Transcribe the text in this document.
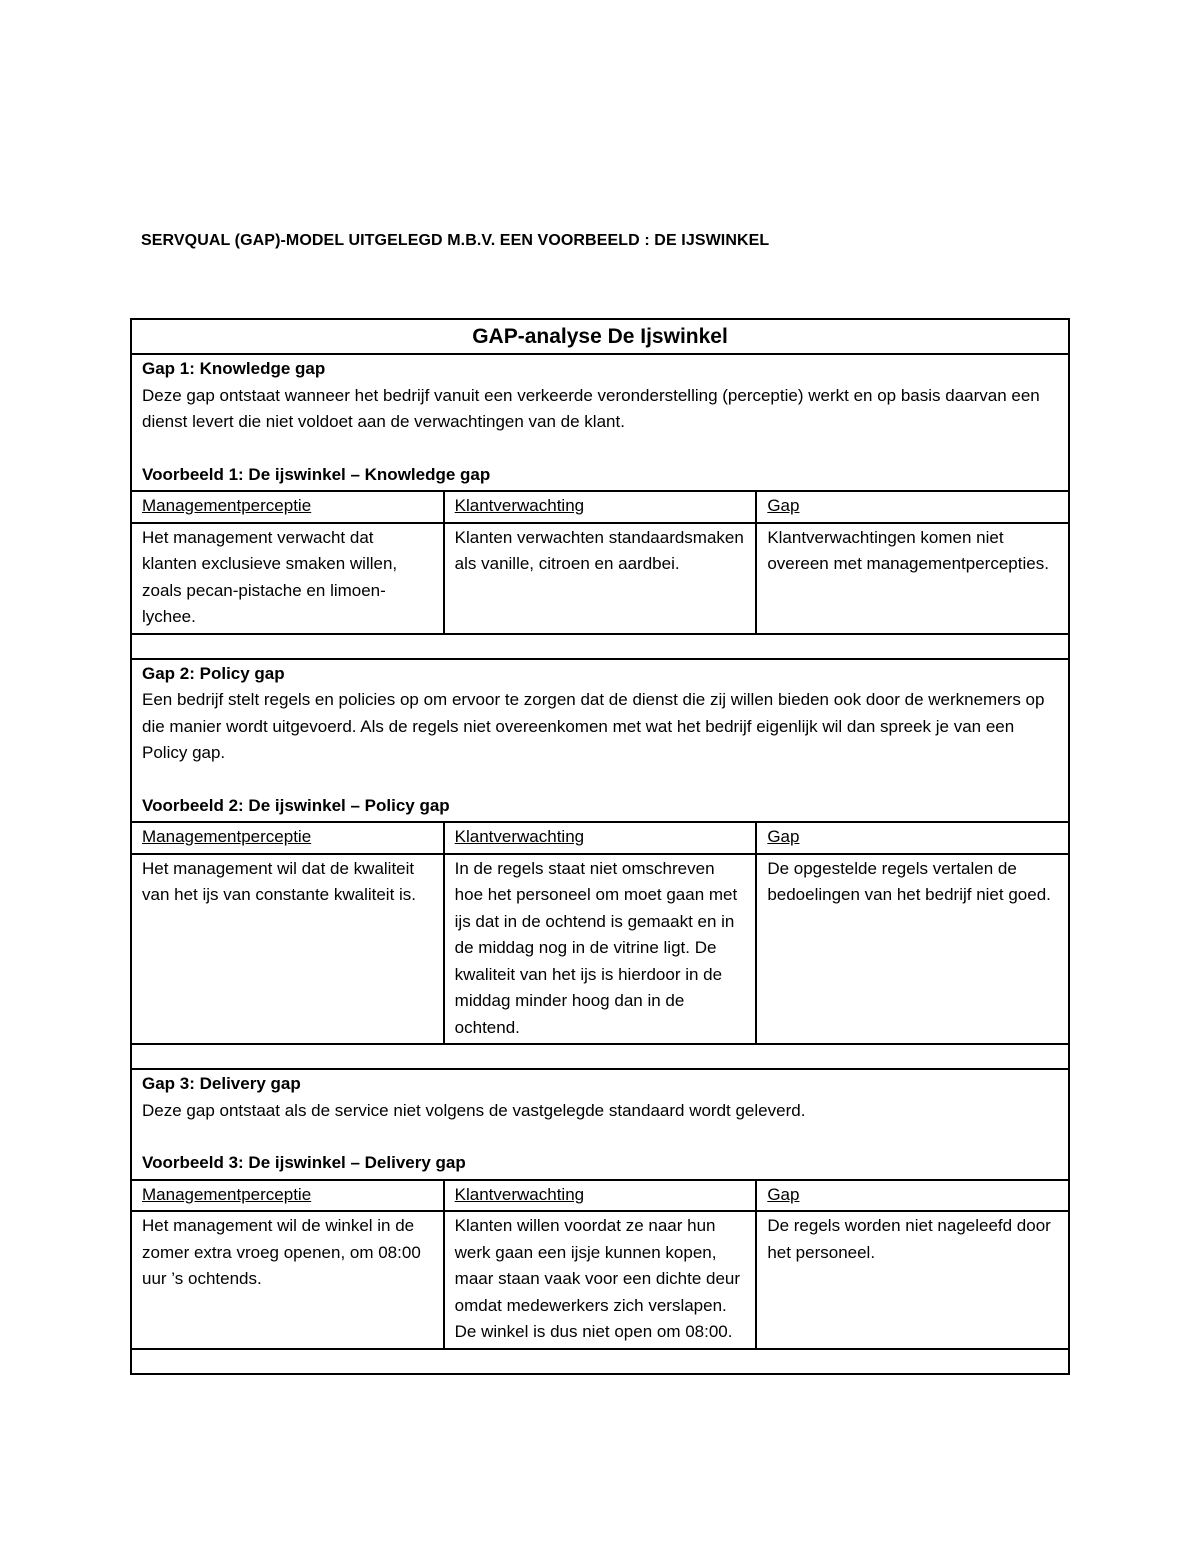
SERVQUAL (GAP)-MODEL UITGELEGD M.B.V. EEN VOORBEELD : DE IJSWINKEL
GAP-analyse De Ijswinkel		

Gap 1: Knowledge gap
Deze gap ontstaat wanneer het bedrijf vanuit een verkeerde veronderstelling (perceptie) werkt en op basis daarvan een dienst levert die niet voldoet aan de verwachtingen van de klant.
Voorbeeld 1: De ijswinkel – Knowledge gap		

Managementperceptie	Klantverwachting	Gap

Het management verwacht dat klanten exclusieve smaken willen, zoals pecan-pistache en limoen-lychee.	Klanten verwachten standaardsmaken als vanille, citroen en aardbei.	Klantverwachtingen komen niet overeen met managementpercepties.

Gap 2: Policy gap
Een bedrijf stelt regels en policies op om ervoor te zorgen dat de dienst die zij willen bieden ook door de werknemers op die manier wordt uitgevoerd. Als de regels niet overeenkomen met wat het bedrijf eigenlijk wil dan spreek je van een Policy gap.
Voorbeeld 2: De ijswinkel – Policy gap		

Managementperceptie	Klantverwachting	Gap

Het management wil dat de kwaliteit van het ijs van constante kwaliteit is.	In de regels staat niet omschreven hoe het personeel om moet gaan met ijs dat in de ochtend is gemaakt en in de middag nog in de vitrine ligt. De kwaliteit van het ijs is hierdoor in de middag minder hoog dan in de ochtend.	De opgestelde regels vertalen de bedoelingen van het bedrijf niet goed.

Gap 3: Delivery gap
Deze gap ontstaat als de service niet volgens de vastgelegde standaard wordt geleverd.
Voorbeeld 3: De ijswinkel – Delivery gap		

Managementperceptie	Klantverwachting	Gap

Het management wil de winkel in de zomer extra vroeg openen, om 08:00 uur ’s ochtends.	Klanten willen voordat ze naar hun werk gaan een ijsje kunnen kopen, maar staan vaak voor een dichte deur omdat medewerkers zich verslapen. De winkel is dus niet open om 08:00.	De regels worden niet nageleefd door het personeel.
